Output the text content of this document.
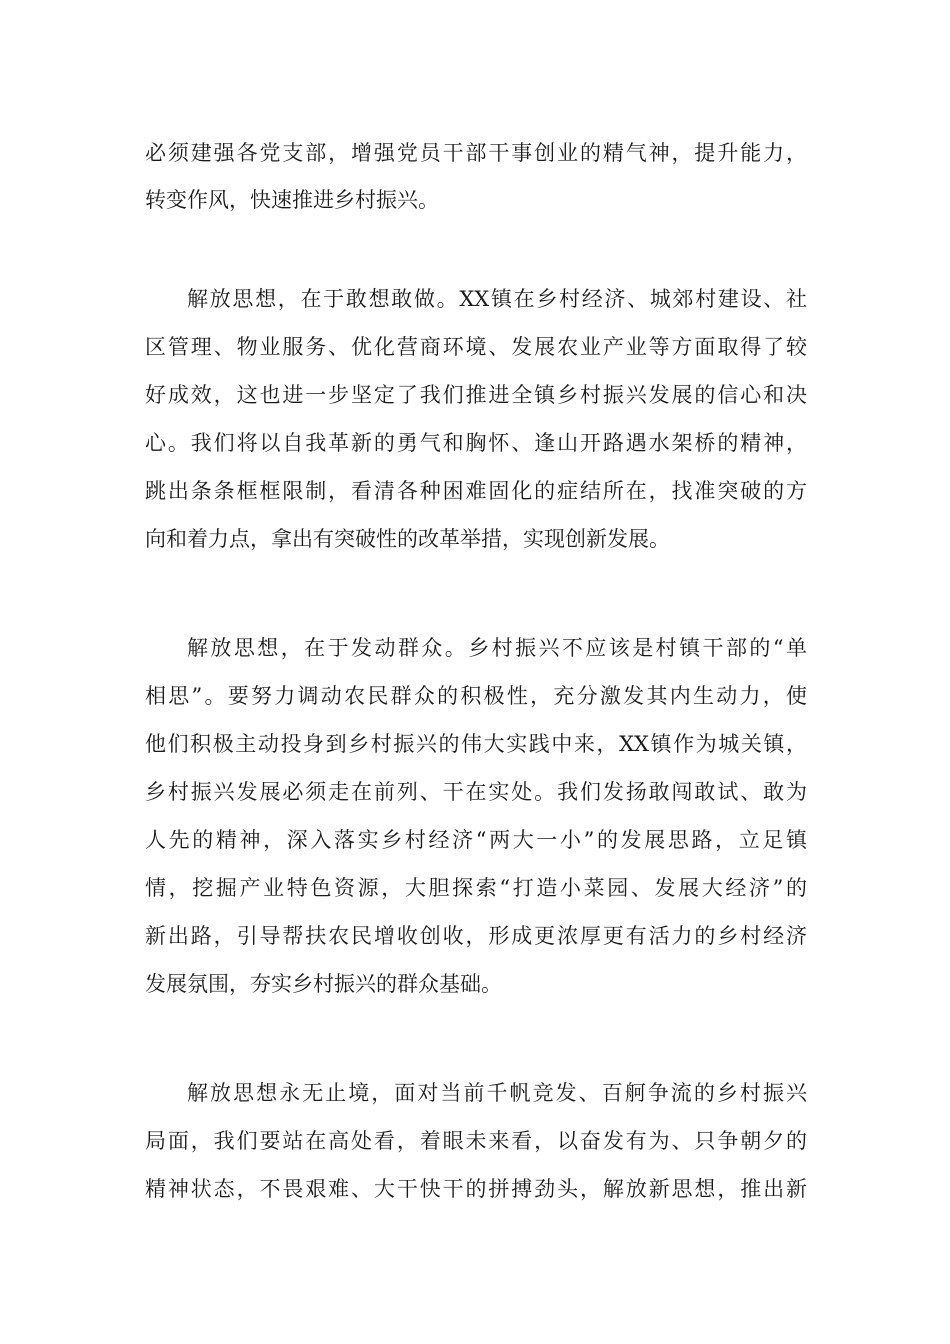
必须建强各党支部，增强党员干部干事创业的精气神，提升能力，
转变作风，快速推进乡村振兴。
解放思想，在于敢想敢做。XX镇在乡村经济、城郊村建设、社
区管理、物业服务、优化营商环境、发展农业产业等方面取得了较
好成效，这也进一步坚定了我们推进全镇乡村振兴发展的信心和决
心。我们将以自我革新的勇气和胸怀、逢山开路遇水架桥的精神，
跳出条条框框限制，看清各种困难固化的症结所在，找准突破的方
向和着力点，拿出有突破性的改革举措，实现创新发展。
解放思想，在于发动群众。乡村振兴不应该是村镇干部的“单
相思”。要努力调动农民群众的积极性，充分激发其内生动力，使
他们积极主动投身到乡村振兴的伟大实践中来，XX镇作为城关镇，
乡村振兴发展必须走在前列、干在实处。我们发扬敢闯敢试、敢为
人先的精神，深入落实乡村经济“两大一小”的发展思路，立足镇
情，挖掘产业特色资源，大胆探索“打造小菜园、发展大经济”的
新出路，引导帮扶农民增收创收，形成更浓厚更有活力的乡村经济
发展氛围，夯实乡村振兴的群众基础。
解放思想永无止境，面对当前千帆竞发、百舸争流的乡村振兴
局面，我们要站在高处看，着眼未来看，以奋发有为、只争朝夕的
精神状态，不畏艰难、大干快干的拼搏劲头，解放新思想，推出新
